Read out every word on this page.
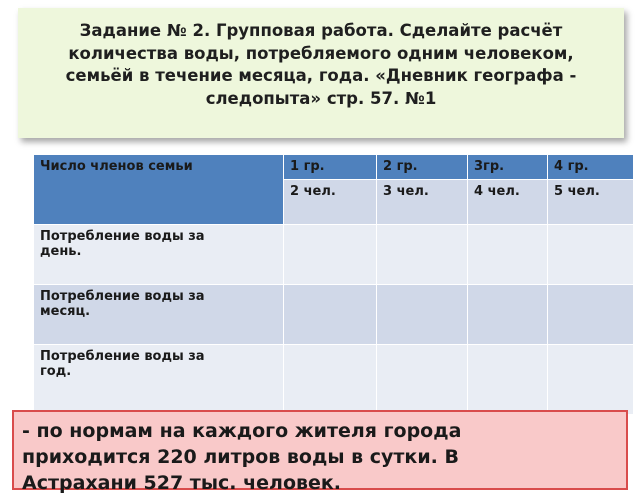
Задание № 2. Групповая работа. Сделайте расчёт
количества воды, потребляемого одним человеком,
семьёй в течение месяца, года. «Дневник географа -
следопыта» стр. 57. №1
Число членов семьи	1 гр.	2 гр.	3гр.	4 гр.
	2 чел.	3 чел.	4 чел.	5 чел.
Потребление воды за
день.				
Потребление воды за
месяц.				
Потребление воды за
год.				
- по нормам на каждого жителя города
приходится 220 литров воды в сутки. В
Астрахани 527 тыс. человек.
